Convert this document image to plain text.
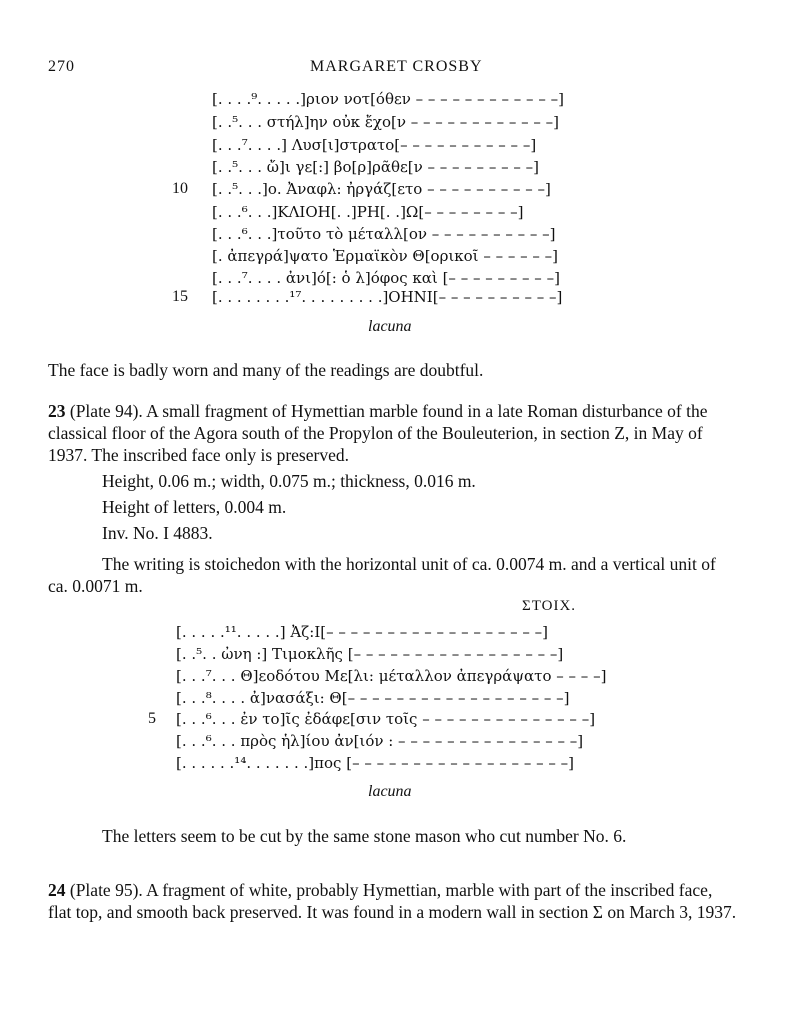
270	MARGARET CROSBY
[. . . .⁹. . . . .]ριον νοτ[όθεν – – – – – – – – – – – –]
[. .⁵. . . στήλ]ην οὐκ ἔχο[ν – – – – – – – – – – – –]
[. . .⁷. . . .] Λυσ[ι]στρατο[– – – – – – – – – – –]
[. .⁵. . . ὤ]ι γε[:] βο[ρ]ρᾶθε[ν – – – – – – – – –]
10 [. .⁵. . .]ο. Ἀναφλ: ἠργάζ[ετο – – – – – – – – – –]
[. . .⁶. . .]ΚΛΙΟΗ[. .]ΡΗ[. .]Ω[– – – – – – – –]
[. . .⁶. . .]τοῦτο τὸ μέταλλ[ον – – – – – – – – – –]
[. ἀπεγρά]ψατο Ἑρμαϊκὸν Θ[ορικοῖ – – – – – –]
[. . .⁷. . . . ἀνι]ό[: ὁ λ]όφος καὶ [– – – – – – – – –]
15 [. . . . . . . .¹⁷. . . . . . . . .]ΟΗΝΙ[– – – – – – – – – –]
lacuna
The face is badly worn and many of the readings are doubtful.
23 (Plate 94). A small fragment of Hymettian marble found in a late Roman disturbance of the classical floor of the Agora south of the Propylon of the Bouleuterion, in section Z, in May of 1937. The inscribed face only is preserved.
Height, 0.06 m.; width, 0.075 m.; thickness, 0.016 m.
Height of letters, 0.004 m.
Inv. No. I 4883.
The writing is stoichedon with the horizontal unit of ca. 0.0074 m. and a vertical unit of ca. 0.0071 m.
ΣΤΟΙΧ.
[. . . . .¹¹. . . . .] Ἀζ:Ι[– – – – – – – – – – – – – – – – – –]
[. .⁵. . ὠνη :] Τιμοκλῆς [– – – – – – – – – – – – – – – – –]
[. . .⁷. . . Θ]εοδότου Με[λι: μέταλλον ἀπεγράψατο – – – –]
[. . .⁸. . . . ἀ]νασάξι: Θ[– – – – – – – – – – – – – – – – – –]
5 [. . .⁶. . . ἐν το]ῖς ἐδάφε[σιν τοῖς – – – – – – – – – – – – – –]
[. . .⁶. . . πρὸς ἡλ]ίου ἀν[ιόν : – – – – – – – – – – – – – – –]
[. . . . . .¹⁴. . . . . . .]πος [– – – – – – – – – – – – – – – – – –]
lacuna
The letters seem to be cut by the same stone mason who cut number No. 6.
24 (Plate 95). A fragment of white, probably Hymettian, marble with part of the inscribed face, flat top, and smooth back preserved. It was found in a modern wall in section Σ on March 3, 1937.
